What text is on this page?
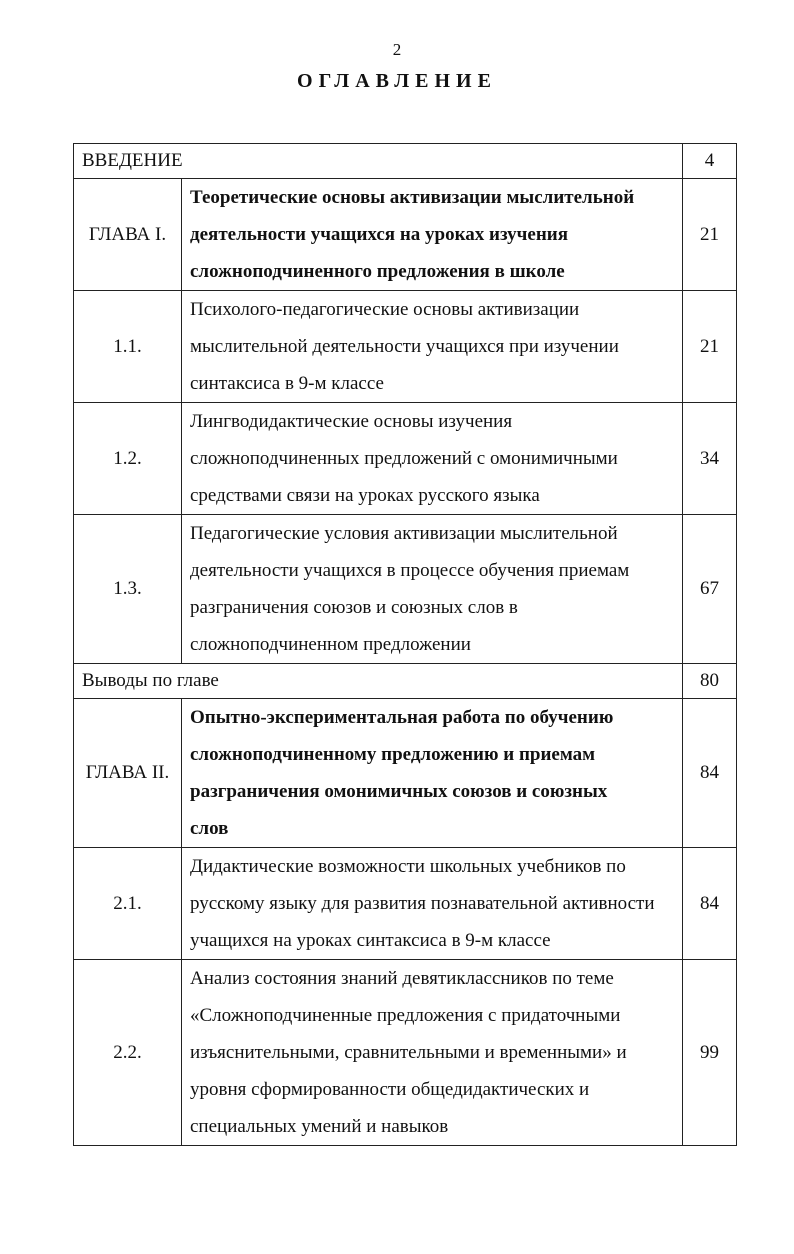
2
ОГЛАВЛЕНИЕ
ВВЕДЕНИЕ		4
ГЛАВА I.	Теоретические основы активизации мыслительной
деятельности учащихся на уроках изучения
сложноподчиненного предложения в школе	21
1.1.	Психолого-педагогические основы активизации
мыслительной деятельности учащихся при изучении
синтаксиса в 9-м классе	21
1.2.	Лингводидактические основы изучения
сложноподчиненных предложений с омонимичными
средствами связи на уроках русского языка	34
1.3.	Педагогические условия активизации мыслительной
деятельности учащихся в процессе обучения приемам
разграничения союзов и союзных слов в
сложноподчиненном предложении	67
Выводы по главе		80
ГЛАВА II.	Опытно-экспериментальная работа по обучению
сложноподчиненному предложению и приемам
разграничения омонимичных союзов и союзных
слов	84
2.1.	Дидактические возможности школьных учебников по
русскому языку для развития познавательной активности
учащихся на уроках синтаксиса в 9-м классе	84
2.2.	Анализ состояния знаний девятиклассников по теме
«Сложноподчиненные предложения с придаточными
изъяснительными, сравнительными и временными» и
уровня сформированности общедидактических и
специальных умений и навыков	99
